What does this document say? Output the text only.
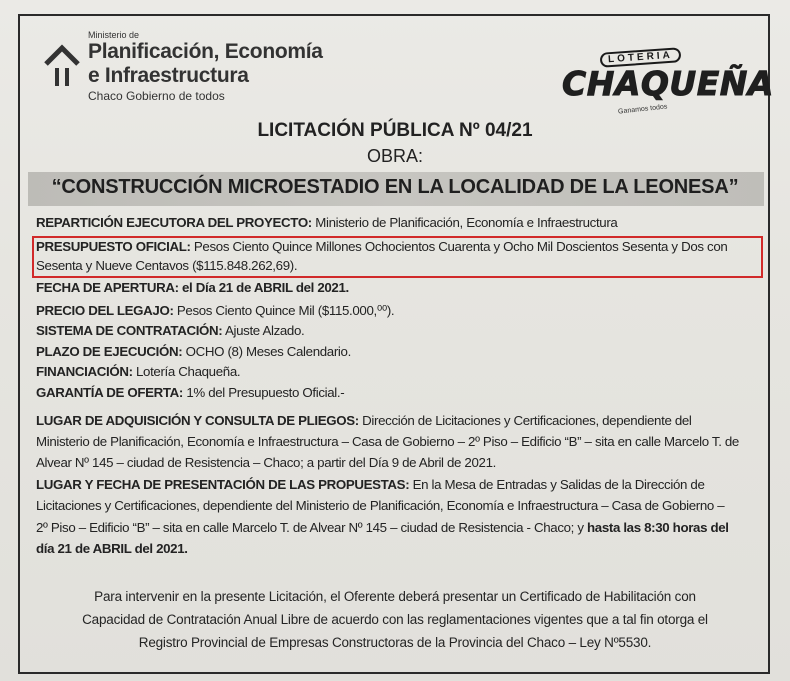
Ministerio de
Planificación, Economía
e Infraestructura
Chaco Gobierno de todos
LOTERIA
CHAQUEÑA
Ganamos todos
LICITACIÓN PÚBLICA Nº 04/21
OBRA:
“CONSTRUCCIÓN MICROESTADIO EN LA LOCALIDAD DE LA LEONESA”
REPARTICIÓN EJECUTORA DEL PROYECTO: Ministerio de Planificación, Economía e Infraestructura
PRESUPUESTO OFICIAL: Pesos Ciento Quince Millones Ochocientos Cuarenta y Ocho Mil Doscientos Sesenta y Dos con
Sesenta y Nueve Centavos ($115.848.262,69).
FECHA DE APERTURA: el Día 21 de ABRIL del 2021.
PRECIO DEL LEGAJO: Pesos Ciento Quince Mil ($115.000,⁰⁰).
SISTEMA DE CONTRATACIÓN: Ajuste Alzado.
PLAZO DE EJECUCIÓN: OCHO (8) Meses Calendario.
FINANCIACIÓN: Lotería Chaqueña.
GARANTÍA DE OFERTA: 1% del Presupuesto Oficial.-
LUGAR DE ADQUISICIÓN Y CONSULTA DE PLIEGOS: Dirección de Licitaciones y Certificaciones, dependiente del
Ministerio de Planificación, Economía e Infraestructura – Casa de Gobierno – 2º Piso – Edificio “B” – sita en calle Marcelo T. de
Alvear Nº 145 – ciudad de Resistencia – Chaco; a partir del Día 9 de Abril de 2021.
LUGAR Y FECHA DE PRESENTACIÓN DE LAS PROPUESTAS: En la Mesa de Entradas y Salidas de la Dirección de
Licitaciones y Certificaciones, dependiente del Ministerio de Planificación, Economía e Infraestructura – Casa de Gobierno –
2º Piso – Edificio “B” – sita en calle Marcelo T. de Alvear Nº 145 – ciudad de Resistencia - Chaco; y hasta las 8:30 horas del
día 21 de ABRIL del 2021.
Para intervenir en la presente Licitación, el Oferente deberá presentar un Certificado de Habilitación con
Capacidad de Contratación Anual Libre de acuerdo con las reglamentaciones vigentes que a tal fin otorga el
Registro Provincial de Empresas Constructoras de la Provincia del Chaco – Ley Nº5530.
